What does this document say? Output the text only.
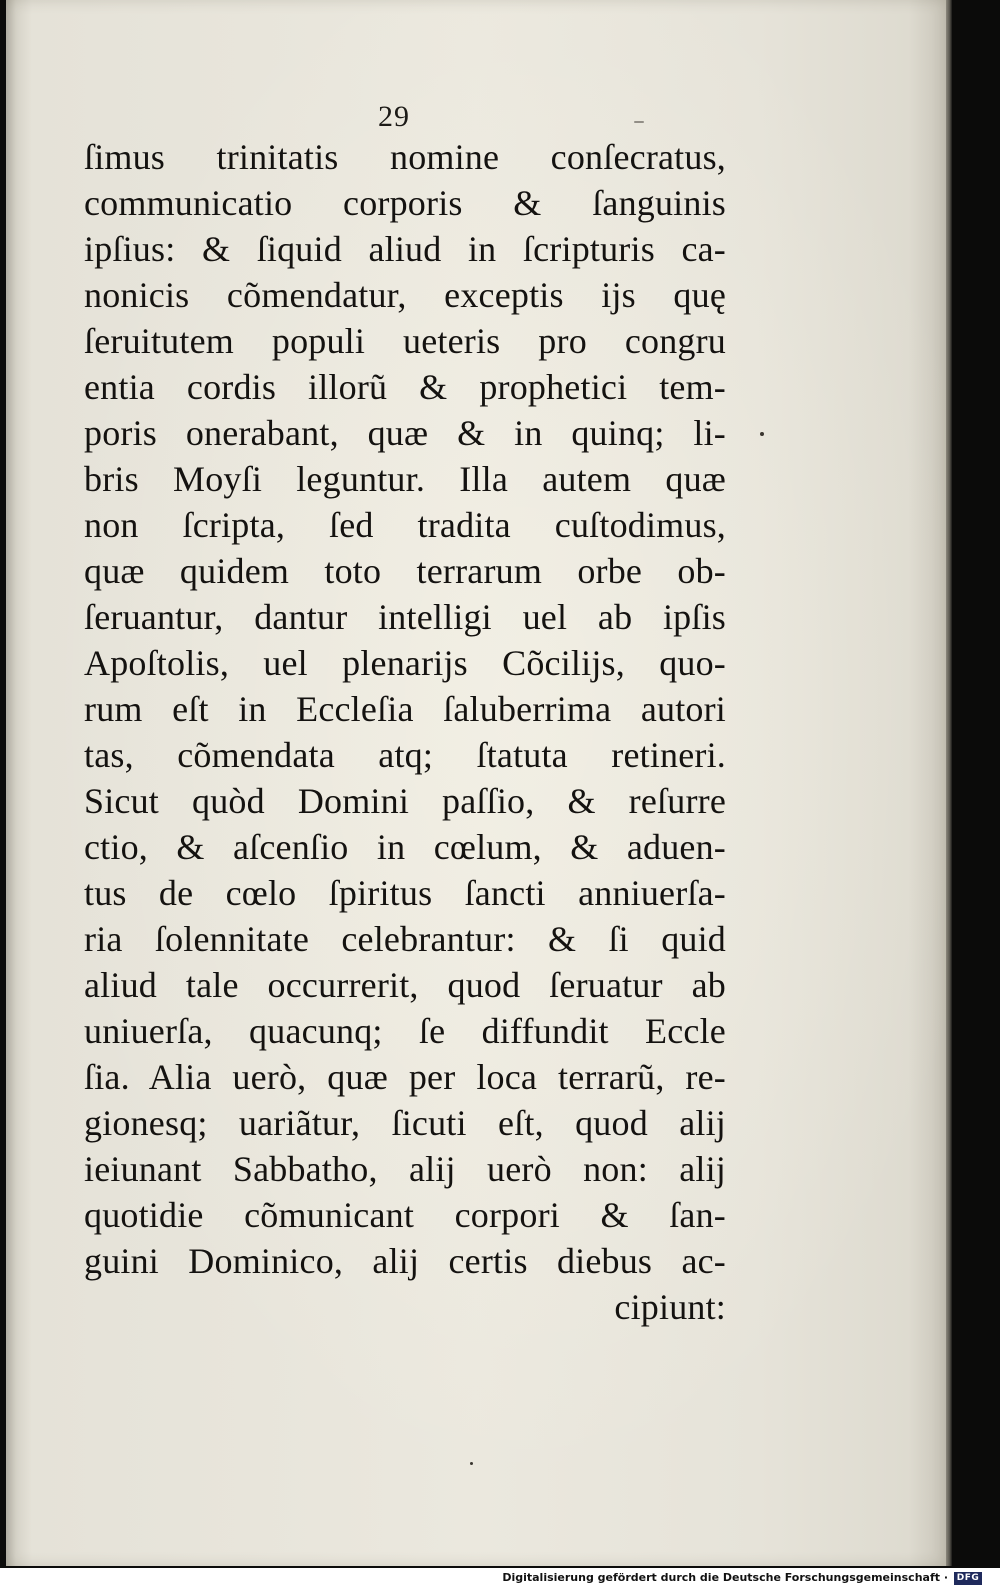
29
ſimus trinitatis nomine conſecratus,
communicatio corporis & ſanguinis
ipſius: & ſiquid aliud in ſcripturis ca-
nonicis cõmendatur, exceptis ijs quę
ſeruitutem populi ueteris pro congru
entia cordis illorũ & prophetici tem-
poris onerabant, quæ & in quinq; li-
bris Moyſi leguntur. Illa autem quæ
non ſcripta, ſed tradita cuſtodimus,
quæ quidem toto terrarum orbe ob-
ſeruantur, dantur intelligi uel ab ipſis
Apoſtolis, uel plenarijs Cõcilijs, quo-
rum eſt in Eccleſia ſaluberrima autori
tas, cõmendata atq; ſtatuta retineri.
Sicut quòd Domini paſſio, & reſurre
ctio, & aſcenſio in cœlum, & aduen-
tus de cœlo ſpiritus ſancti anniuerſa-
ria ſolennitate celebrantur: & ſi quid
aliud tale occurrerit, quod ſeruatur ab
uniuerſa, quacunq; ſe diffundit Eccle
ſia. Alia uerò, quæ per loca terrarũ, re-
gionesq; uariãtur, ſicuti eſt, quod alij
ieiunant Sabbatho, alij uerò non: alij
quotidie cõmunicant corpori & ſan-
guini Dominico, alij certis diebus ac-
cipiunt:
Digitalisierung gefördert durch die Deutsche Forschungsgemeinschaft · DFG
